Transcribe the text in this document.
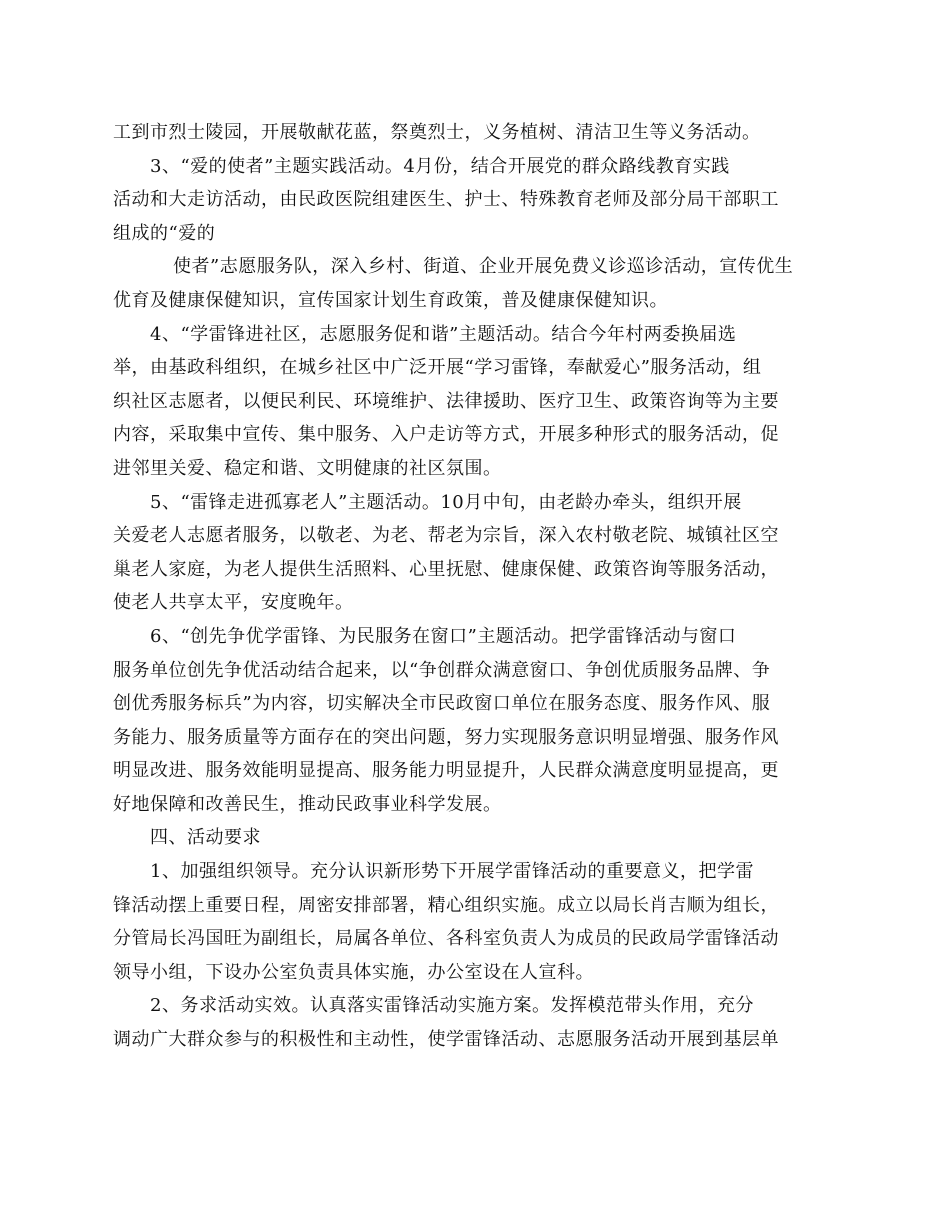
工到市烈士陵园，开展敬献花蓝，祭奠烈士，义务植树、清洁卫生等义务活动。
3、“爱的使者”主题实践活动。4月份，结合开展党的群众路线教育实践
活动和大走访活动，由民政医院组建医生、护士、特殊教育老师及部分局干部职工
组成的“爱的
使者”志愿服务队，深入乡村、街道、企业开展免费义诊巡诊活动，宣传优生
优育及健康保健知识，宣传国家计划生育政策，普及健康保健知识。
4、“学雷锋进社区，志愿服务促和谐”主题活动。结合今年村两委换届选
举，由基政科组织，在城乡社区中广泛开展“学习雷锋，奉献爱心”服务活动，组
织社区志愿者，以便民利民、环境维护、法律援助、医疗卫生、政策咨询等为主要
内容，采取集中宣传、集中服务、入户走访等方式，开展多种形式的服务活动，促
进邻里关爱、稳定和谐、文明健康的社区氛围。
5、“雷锋走进孤寡老人”主题活动。10月中旬，由老龄办牵头，组织开展
关爱老人志愿者服务，以敬老、为老、帮老为宗旨，深入农村敬老院、城镇社区空
巢老人家庭，为老人提供生活照料、心里抚慰、健康保健、政策咨询等服务活动，
使老人共享太平，安度晚年。
6、“创先争优学雷锋、为民服务在窗口”主题活动。把学雷锋活动与窗口
服务单位创先争优活动结合起来，以“争创群众满意窗口、争创优质服务品牌、争
创优秀服务标兵”为内容，切实解决全市民政窗口单位在服务态度、服务作风、服
务能力、服务质量等方面存在的突出问题，努力实现服务意识明显增强、服务作风
明显改进、服务效能明显提高、服务能力明显提升，人民群众满意度明显提高，更
好地保障和改善民生，推动民政事业科学发展。
四、活动要求
1、加强组织领导。充分认识新形势下开展学雷锋活动的重要意义，把学雷
锋活动摆上重要日程，周密安排部署，精心组织实施。成立以局长肖吉顺为组长，
分管局长冯国旺为副组长，局属各单位、各科室负责人为成员的民政局学雷锋活动
领导小组，下设办公室负责具体实施，办公室设在人宣科。
2、务求活动实效。认真落实雷锋活动实施方案。发挥模范带头作用，充分
调动广大群众参与的积极性和主动性，使学雷锋活动、志愿服务活动开展到基层单
